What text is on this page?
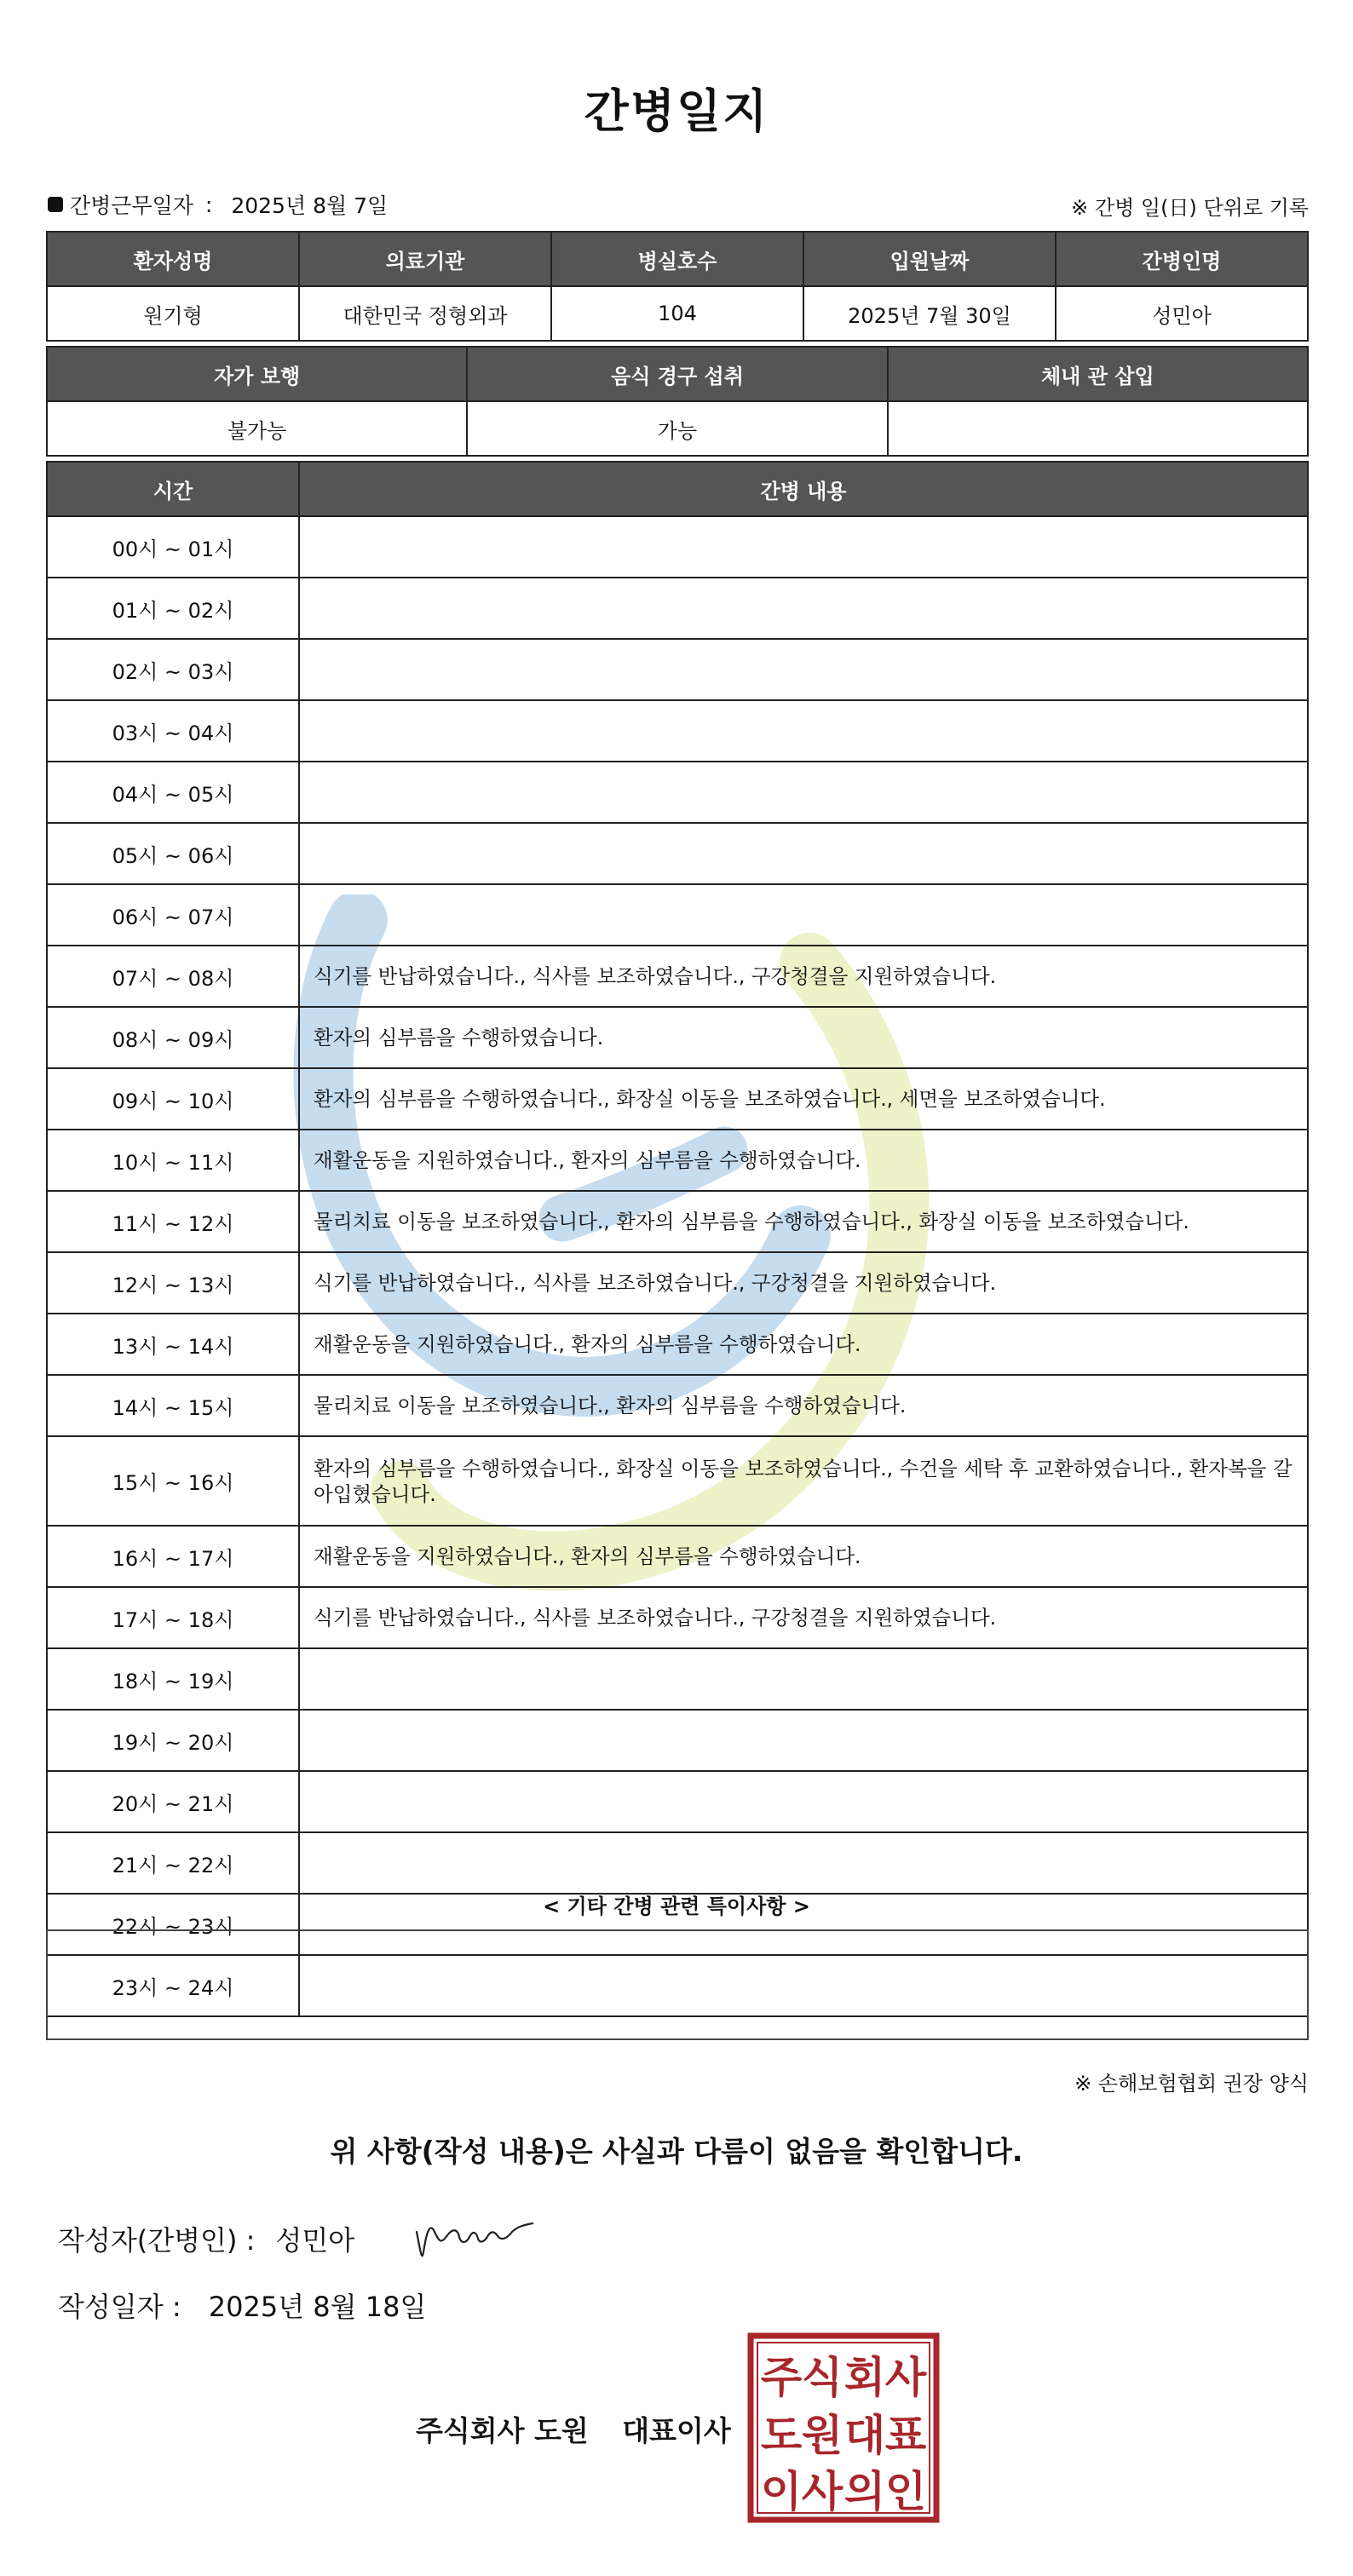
간병일지
간병근무일자 : 2025년 8월 7일	※ 간병 일(日) 단위로 기록
환자성명	의료기관	병실호수	입원날짜	간병인명
원기형	대한민국 정형외과	104	2025년 7월 30일	성민아
자가 보행	음식 경구 섭취	체내 관 삽입
불가능	가능	
시간	간병 내용
00시 ~ 01시	
01시 ~ 02시	
02시 ~ 03시	
03시 ~ 04시	
04시 ~ 05시	
05시 ~ 06시	
06시 ~ 07시	
07시 ~ 08시	식기를 반납하였습니다., 식사를 보조하였습니다., 구강청결을 지원하였습니다.
08시 ~ 09시	환자의 심부름을 수행하였습니다.
09시 ~ 10시	환자의 심부름을 수행하였습니다., 화장실 이동을 보조하였습니다., 세면을 보조하였습니다.
10시 ~ 11시	재활운동을 지원하였습니다., 환자의 심부름을 수행하였습니다.
11시 ~ 12시	물리치료 이동을 보조하였습니다., 환자의 심부름을 수행하였습니다., 화장실 이동을 보조하였습니다.
12시 ~ 13시	식기를 반납하였습니다., 식사를 보조하였습니다., 구강청결을 지원하였습니다.
13시 ~ 14시	재활운동을 지원하였습니다., 환자의 심부름을 수행하였습니다.
14시 ~ 15시	물리치료 이동을 보조하였습니다., 환자의 심부름을 수행하였습니다.
15시 ~ 16시	환자의 심부름을 수행하였습니다., 화장실 이동을 보조하였습니다., 수건을 세탁 후 교환하였습니다., 환자복을 갈아입혔습니다.
16시 ~ 17시	재활운동을 지원하였습니다., 환자의 심부름을 수행하였습니다.
17시 ~ 18시	식기를 반납하였습니다., 식사를 보조하였습니다., 구강청결을 지원하였습니다.
18시 ~ 19시	
19시 ~ 20시	
20시 ~ 21시	
21시 ~ 22시	
22시 ~ 23시	
23시 ~ 24시	
< 기타 간병 관련 특이사항 >
※ 손해보험협회 권장 양식
위 사항(작성 내용)은 사실과 다름이 없음을 확인합니다.
작성자(간병인) : 성민아
작성일자 : 2025년 8월 18일
주식회사 도원 대표이사
주 식 회 사
도 원 대 표
이 사 의 인
